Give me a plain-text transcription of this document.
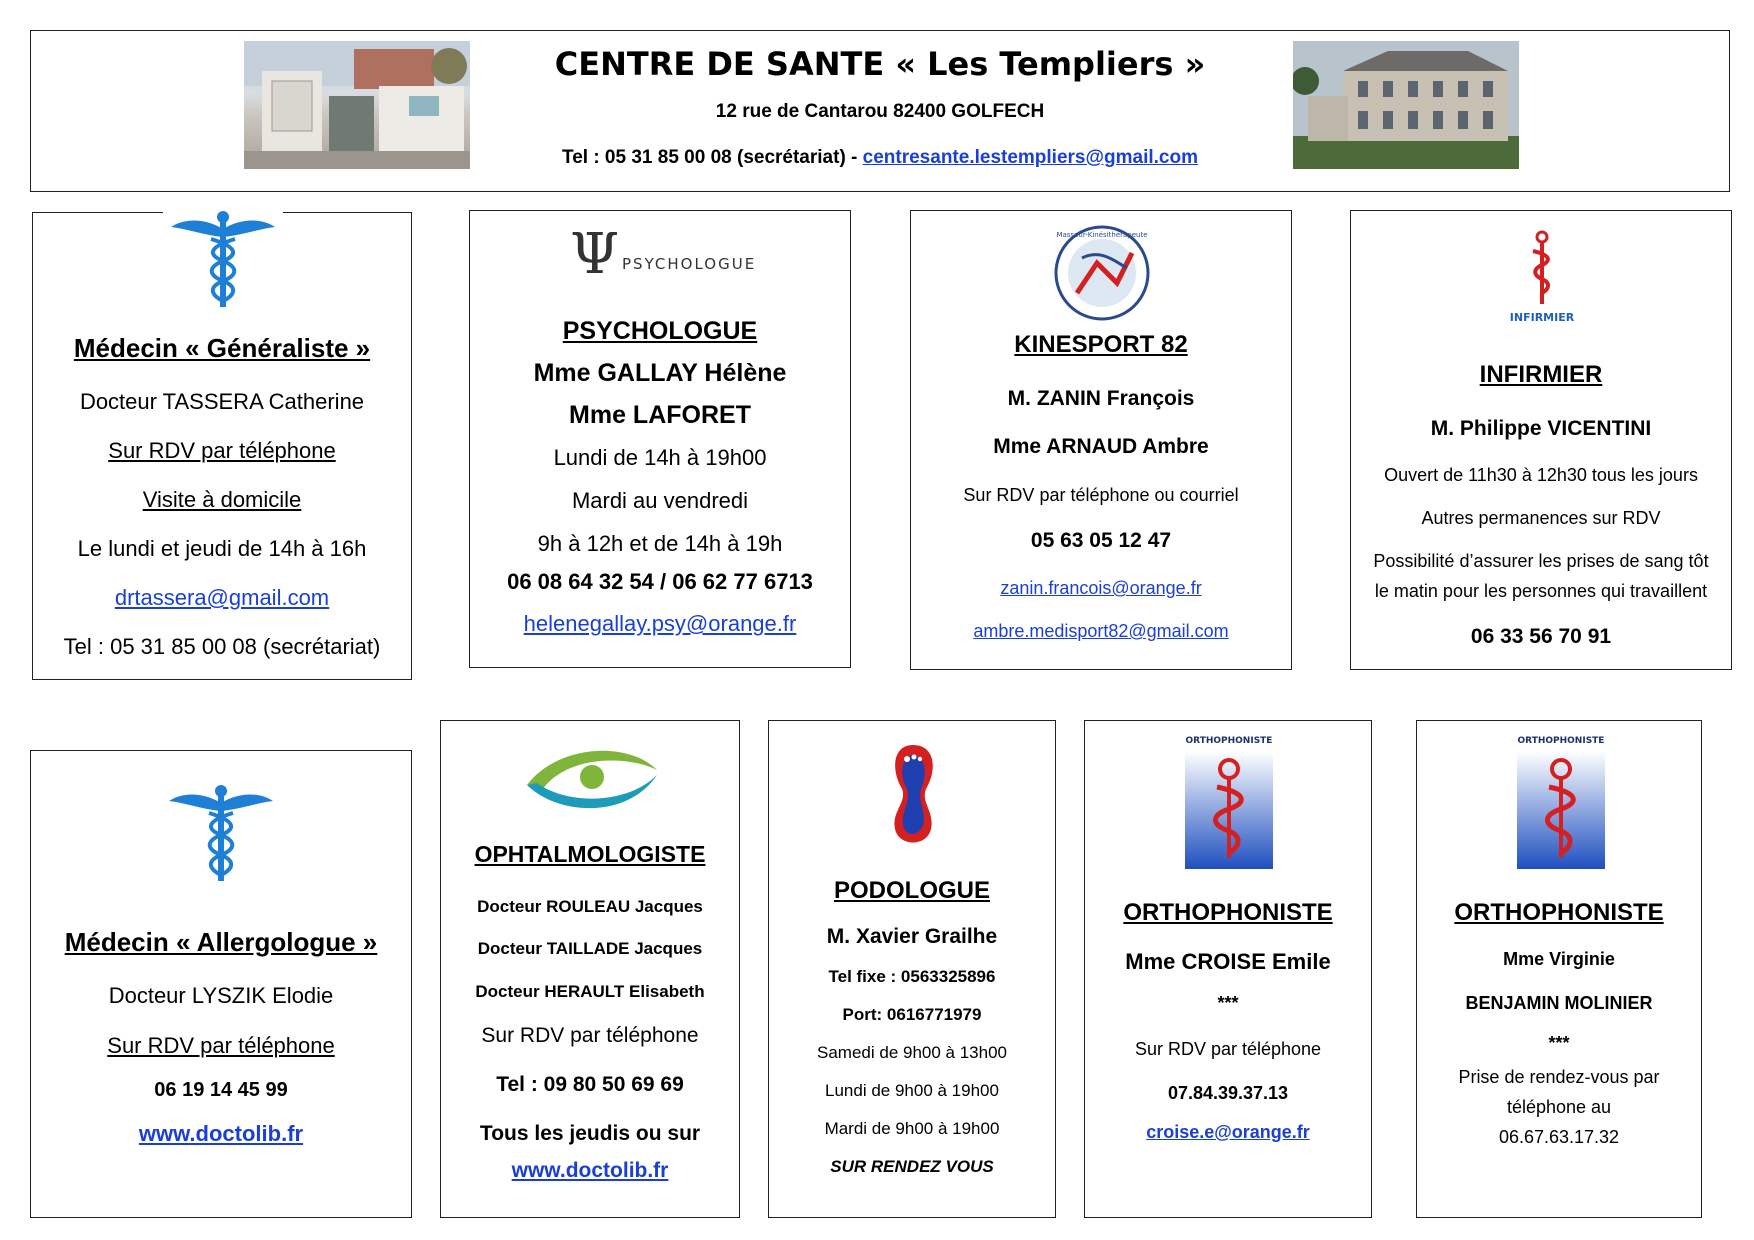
CENTRE DE SANTE « Les Templiers »
12 rue de Cantarou 82400 GOLFECH
Tel : 05 31 85 00 08 (secrétariat) - centresante.lestempliers@gmail.com
Médecin « Généraliste »
Docteur TASSERA Catherine
Sur RDV par téléphone
Visite à domicile
Le lundi et jeudi de 14h à 16h
drtassera@gmail.com
Tel : 05 31 85 00 08 (secrétariat)
Ψ PSYCHOLOGUE
PSYCHOLOGUE
Mme GALLAY Hélène
Mme LAFORET
Lundi de 14h à 19h00
Mardi au vendredi
9h à 12h et de 14h à 19h
06 08 64 32 54 / 06 62 77 6713
helenegallay.psy@orange.fr
Masseur-Kinésithérapeute
KINESPORT 82
M. ZANIN François
Mme ARNAUD Ambre
Sur RDV par téléphone ou courriel
05 63 05 12 47
zanin.francois@orange.fr
ambre.medisport82@gmail.com
INFIRMIER
INFIRMIER
M. Philippe VICENTINI
Ouvert de 11h30 à 12h30 tous les jours
Autres permanences sur RDV
Possibilité d’assurer les prises de sang tôt
le matin pour les personnes qui travaillent
06 33 56 70 91
Médecin « Allergologue »
Docteur LYSZIK Elodie
Sur RDV par téléphone
06 19 14 45 99
www.doctolib.fr
OPHTALMOLOGISTE
Docteur ROULEAU Jacques
Docteur TAILLADE Jacques
Docteur HERAULT Elisabeth
Sur RDV par téléphone
Tel : 09 80 50 69 69
Tous les jeudis ou sur
www.doctolib.fr
PODOLOGUE
M. Xavier Grailhe
Tel fixe : 0563325896
Port: 0616771979
Samedi de 9h00 à 13h00
Lundi de 9h00 à 19h00
Mardi de 9h00 à 19h00
SUR RENDEZ VOUS
ORTHOPHONISTE
ORTHOPHONISTE
Mme CROISE Emile
***
Sur RDV par téléphone
07.84.39.37.13
croise.e@orange.fr
ORTHOPHONISTE
ORTHOPHONISTE
Mme Virginie
BENJAMIN MOLINIER
***
Prise de rendez-vous par
téléphone au
06.67.63.17.32
